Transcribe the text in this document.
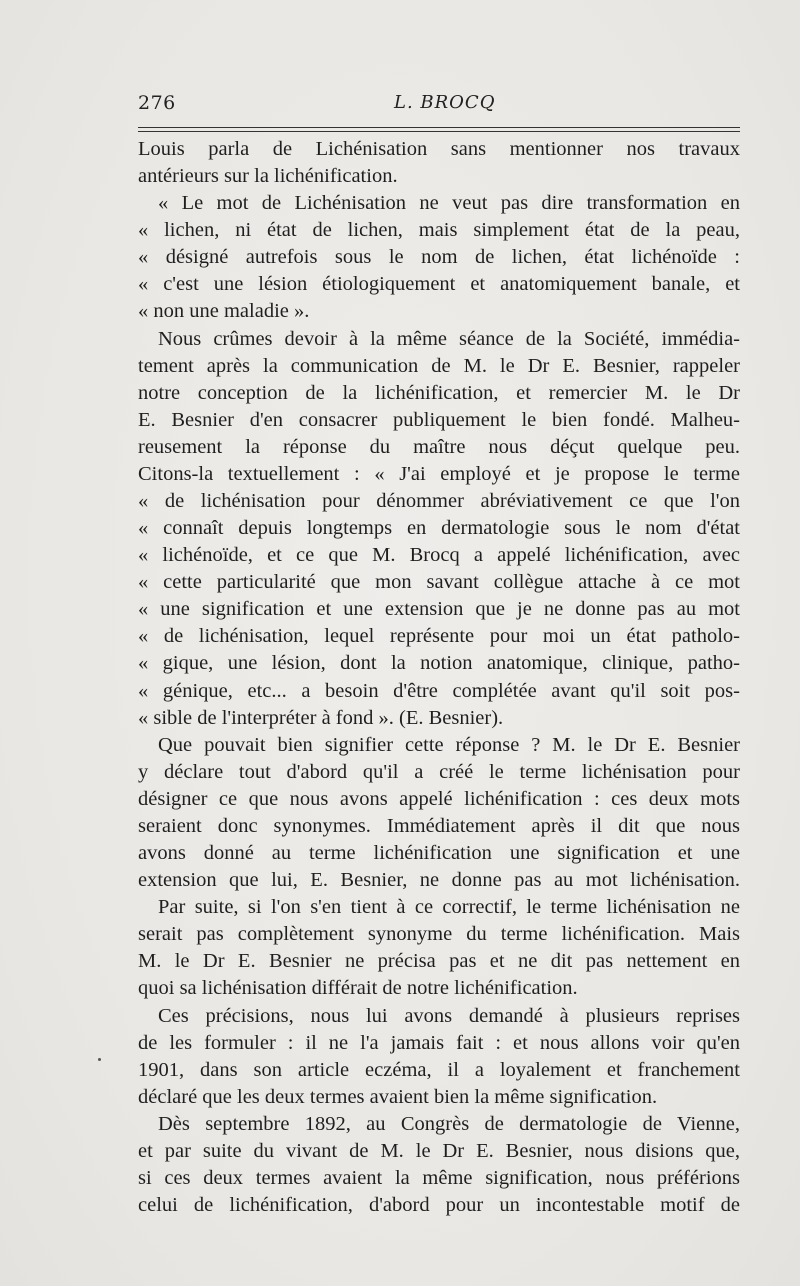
276	L. BROCQ
Louis parla de Lichénisation sans mentionner nos travaux
antérieurs sur la lichénification.
« Le mot de Lichénisation ne veut pas dire transformation en
« lichen, ni état de lichen, mais simplement état de la peau,
« désigné autrefois sous le nom de lichen, état lichénoïde :
« c'est une lésion étiologiquement et anatomiquement banale, et
« non une maladie ».
Nous crûmes devoir à la même séance de la Société, immédia-
tement après la communication de M. le Dr E. Besnier, rappeler
notre conception de la lichénification, et remercier M. le Dr
E. Besnier d'en consacrer publiquement le bien fondé. Malheu-
reusement la réponse du maître nous déçut quelque peu.
Citons-la textuellement : « J'ai employé et je propose le terme
« de lichénisation pour dénommer abréviativement ce que l'on
« connaît depuis longtemps en dermatologie sous le nom d'état
« lichénoïde, et ce que M. Brocq a appelé lichénification, avec
« cette particularité que mon savant collègue attache à ce mot
« une signification et une extension que je ne donne pas au mot
« de lichénisation, lequel représente pour moi un état patholo-
« gique, une lésion, dont la notion anatomique, clinique, patho-
« génique, etc... a besoin d'être complétée avant qu'il soit pos-
« sible de l'interpréter à fond ». (E. Besnier).
Que pouvait bien signifier cette réponse ? M. le Dr E. Besnier
y déclare tout d'abord qu'il a créé le terme lichénisation pour
désigner ce que nous avons appelé lichénification : ces deux mots
seraient donc synonymes. Immédiatement après il dit que nous
avons donné au terme lichénification une signification et une
extension que lui, E. Besnier, ne donne pas au mot lichénisation.
Par suite, si l'on s'en tient à ce correctif, le terme lichénisation ne
serait pas complètement synonyme du terme lichénification. Mais
M. le Dr E. Besnier ne précisa pas et ne dit pas nettement en
quoi sa lichénisation différait de notre lichénification.
Ces précisions, nous lui avons demandé à plusieurs reprises
de les formuler : il ne l'a jamais fait : et nous allons voir qu'en
1901, dans son article eczéma, il a loyalement et franchement
déclaré que les deux termes avaient bien la même signification.
Dès septembre 1892, au Congrès de dermatologie de Vienne,
et par suite du vivant de M. le Dr E. Besnier, nous disions que,
si ces deux termes avaient la même signification, nous préférions
celui de lichénification, d'abord pour un incontestable motif de
